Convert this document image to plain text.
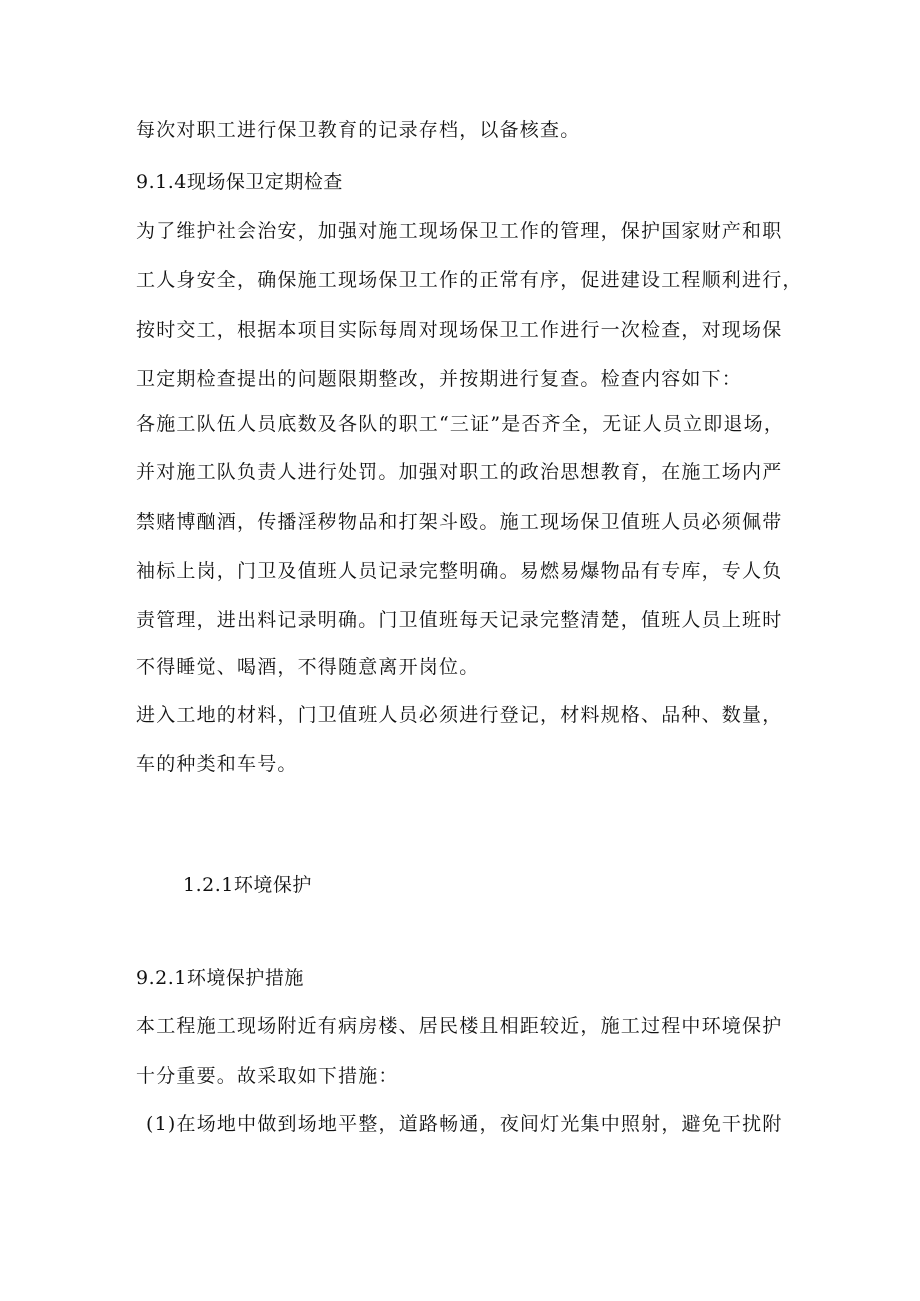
每次对职工进行保卫教育的记录存档，以备核查。
9.1.4现场保卫定期检查
为了维护社会治安，加强对施工现场保卫工作的管理，保护国家财产和职
工人身安全，确保施工现场保卫工作的正常有序，促进建设工程顺利进行，
按时交工，根据本项目实际每周对现场保卫工作进行一次检查，对现场保
卫定期检查提出的问题限期整改，并按期进行复查。检查内容如下：
各施工队伍人员底数及各队的职工“三证”是否齐全，无证人员立即退场，
并对施工队负责人进行处罚。加强对职工的政治思想教育，在施工场内严
禁赌博酗酒，传播淫秽物品和打架斗殴。施工现场保卫值班人员必须佩带
袖标上岗，门卫及值班人员记录完整明确。易燃易爆物品有专库，专人负
责管理，进出料记录明确。门卫值班每天记录完整清楚，值班人员上班时
不得睡觉、喝酒，不得随意离开岗位。
进入工地的材料，门卫值班人员必须进行登记，材料规格、品种、数量，
车的种类和车号。
1.2.1环境保护
9.2.1环境保护措施
本工程施工现场附近有病房楼、居民楼且相距较近，施工过程中环境保护
十分重要。故采取如下措施：
(1)在场地中做到场地平整，道路畅通，夜间灯光集中照射，避免干扰附
